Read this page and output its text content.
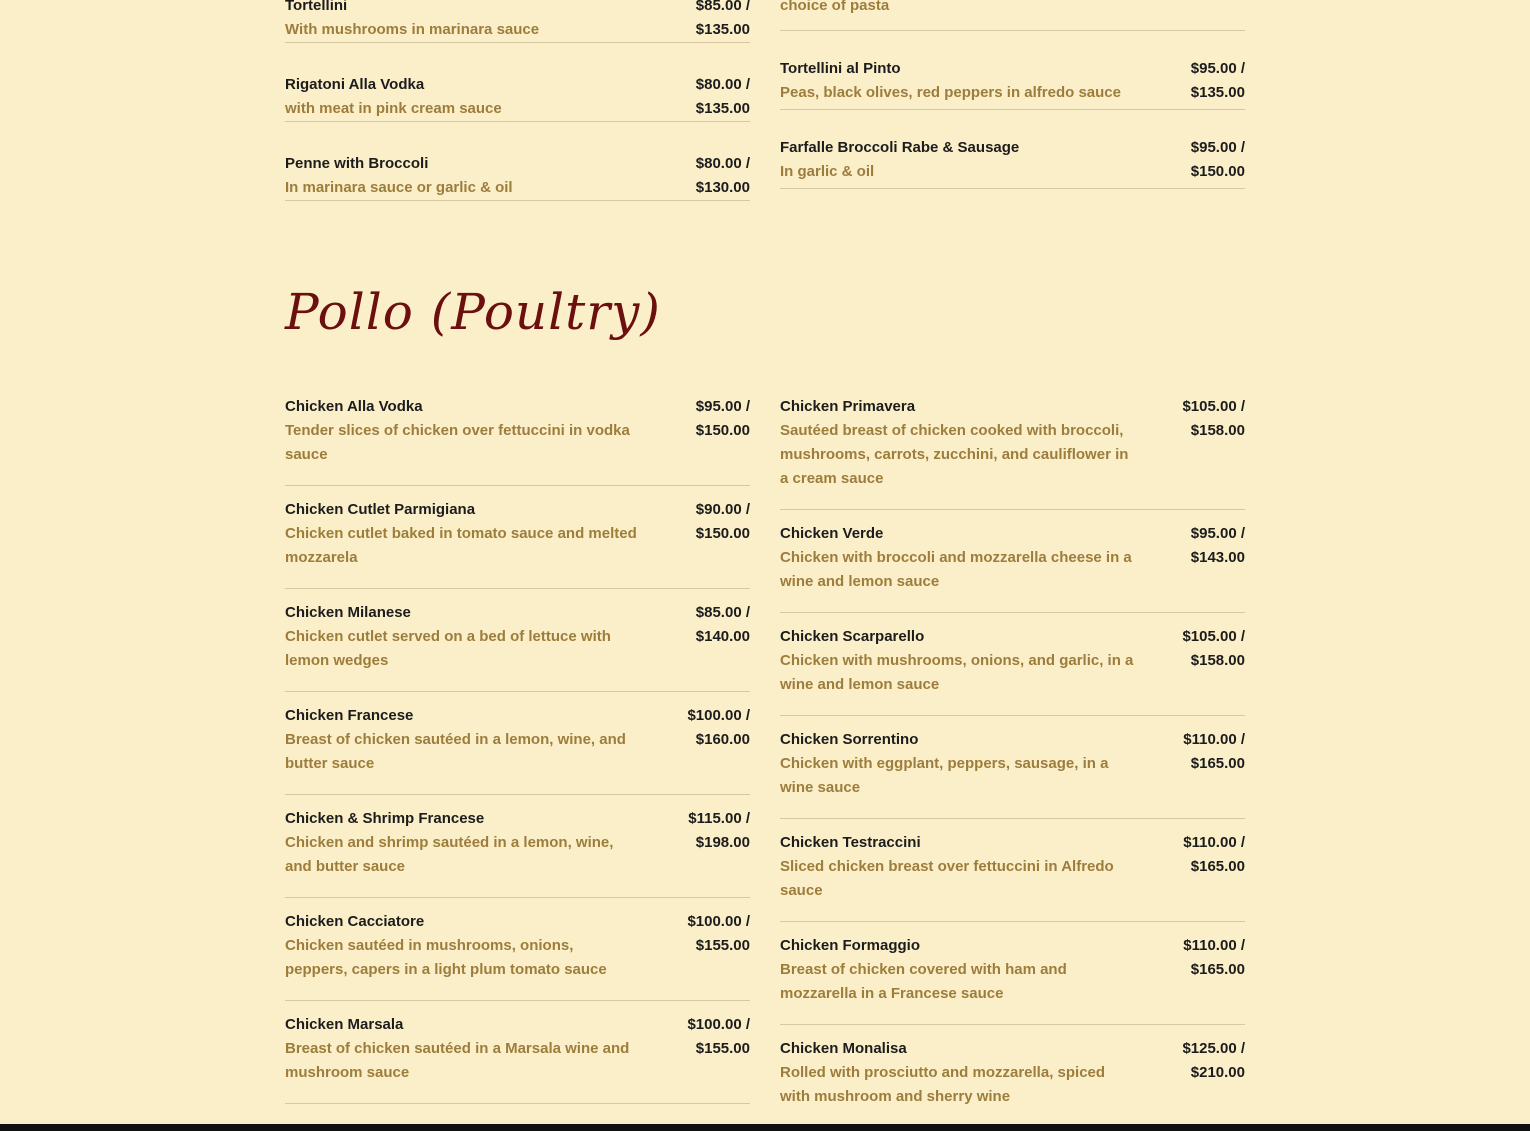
Tortellini
With mushrooms in marinara sauce
$85.00 /
$135.00
Rigatoni Alla Vodka
with meat in pink cream sauce
$80.00 /
$135.00
Penne with Broccoli
In marinara sauce or garlic & oil
$80.00 /
$130.00
choice of pasta
Tortellini al Pinto
Peas, black olives, red peppers in alfredo sauce
$95.00 /
$135.00
Farfalle Broccoli Rabe & Sausage
In garlic & oil
$95.00 /
$150.00
Pollo (Poultry)
Chicken Alla Vodka
Tender slices of chicken over fettuccini in vodka sauce
$95.00 /
$150.00
Chicken Cutlet Parmigiana
Chicken cutlet baked in tomato sauce and melted mozzarela
$90.00 /
$150.00
Chicken Milanese
Chicken cutlet served on a bed of lettuce with lemon wedges
$85.00 /
$140.00
Chicken Francese
Breast of chicken sautéed in a lemon, wine, and butter sauce
$100.00 /
$160.00
Chicken & Shrimp Francese
Chicken and shrimp sautéed in a lemon, wine, and butter sauce
$115.00 /
$198.00
Chicken Cacciatore
Chicken sautéed in mushrooms, onions, peppers, capers in a light plum tomato sauce
$100.00 /
$155.00
Chicken Marsala
Breast of chicken sautéed in a Marsala wine and mushroom sauce
$100.00 /
$155.00
Chicken Primavera
Sautéed breast of chicken cooked with broccoli, mushrooms, carrots, zucchini, and cauliflower in a cream sauce
$105.00 /
$158.00
Chicken Verde
Chicken with broccoli and mozzarella cheese in a wine and lemon sauce
$95.00 /
$143.00
Chicken Scarparello
Chicken with mushrooms, onions, and garlic, in a wine and lemon sauce
$105.00 /
$158.00
Chicken Sorrentino
Chicken with eggplant, peppers, sausage, in a wine sauce
$110.00 /
$165.00
Chicken Testraccini
Sliced chicken breast over fettuccini in Alfredo sauce
$110.00 /
$165.00
Chicken Formaggio
Breast of chicken covered with ham and mozzarella in a Francese sauce
$110.00 /
$165.00
Chicken Monalisa
Rolled with prosciutto and mozzarella, spiced with mushroom and sherry wine
$125.00 /
$210.00
